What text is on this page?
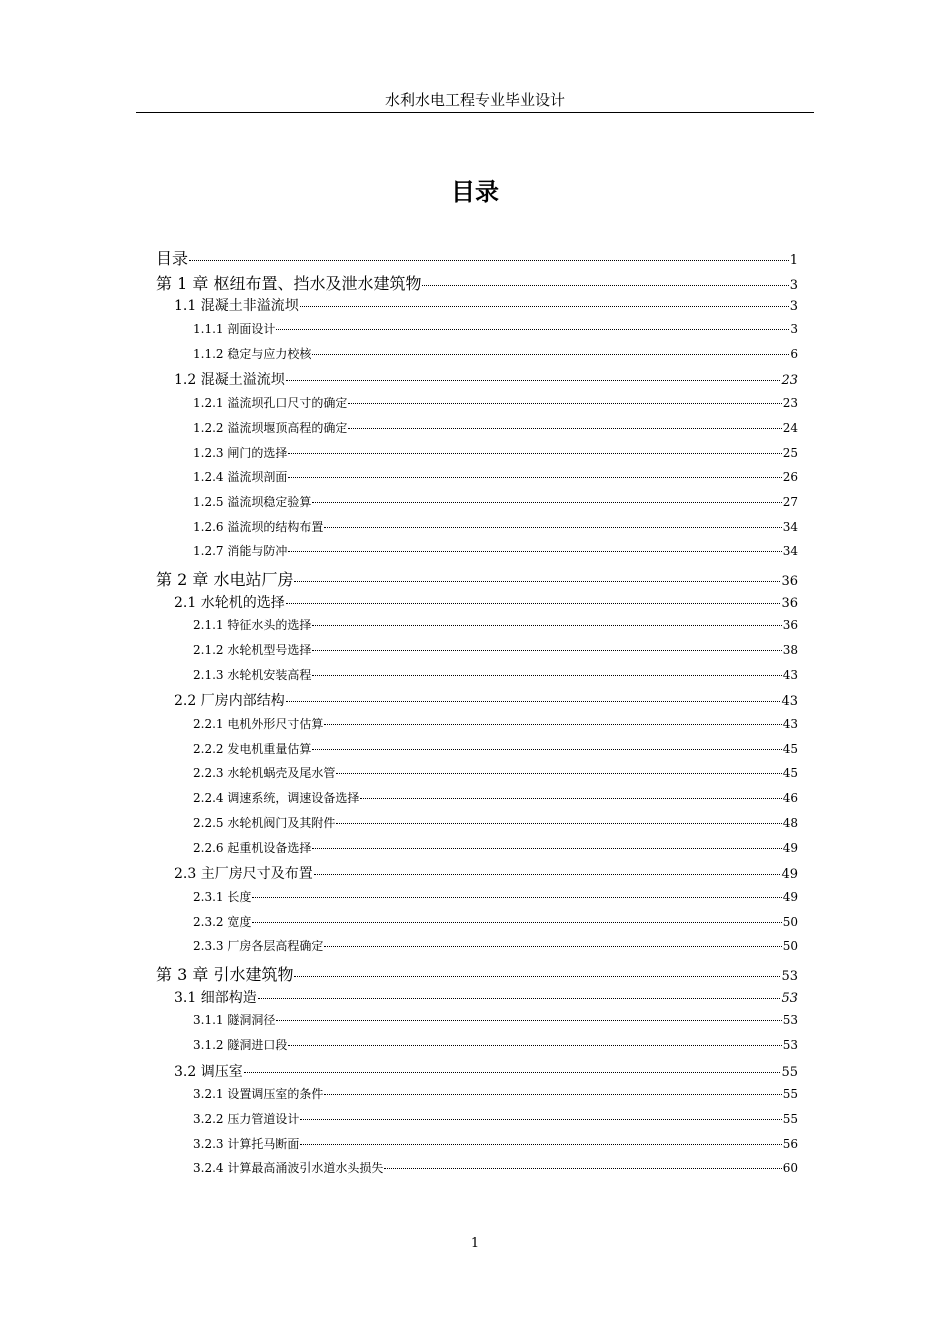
水利水电工程专业毕业设计
目录
目录	1
第 1 章 枢纽布置、挡水及泄水建筑物	3
1.1 混凝土非溢流坝	3
1.1.1 剖面设计	3
1.1.2 稳定与应力校核	6
1.2 混凝土溢流坝	23
1.2.1 溢流坝孔口尺寸的确定	23
1.2.2 溢流坝堰顶高程的确定	24
1.2.3 闸门的选择	25
1.2.4 溢流坝剖面	26
1.2.5 溢流坝稳定验算	27
1.2.6 溢流坝的结构布置	34
1.2.7 消能与防冲	34
第 2 章 水电站厂房	36
2.1 水轮机的选择	36
2.1.1 特征水头的选择	36
2.1.2 水轮机型号选择	38
2.1.3 水轮机安装高程	43
2.2 厂房内部结构	43
2.2.1 电机外形尺寸估算	43
2.2.2 发电机重量估算	45
2.2.3 水轮机蜗壳及尾水管	45
2.2.4 调速系统，调速设备选择	46
2.2.5 水轮机阀门及其附件	48
2.2.6 起重机设备选择	49
2.3 主厂房尺寸及布置	49
2.3.1 长度	49
2.3.2 宽度	50
2.3.3 厂房各层高程确定	50
第 3 章 引水建筑物	53
3.1 细部构造	53
3.1.1 隧洞洞径	53
3.1.2 隧洞进口段	53
3.2 调压室	55
3.2.1 设置调压室的条件	55
3.2.2 压力管道设计	55
3.2.3 计算托马断面	56
3.2.4 计算最高涌波引水道水头损失	60
1
